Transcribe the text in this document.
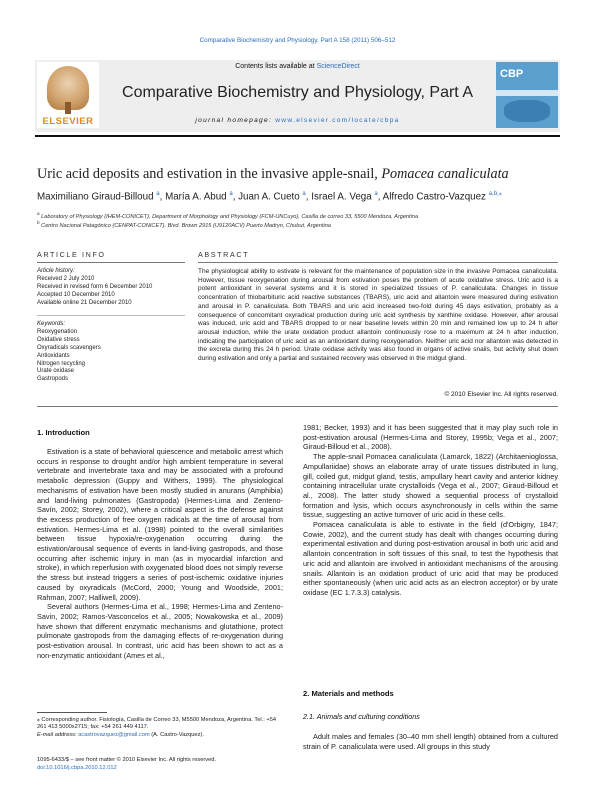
Comparative Biochemistry and Physiology, Part A 158 (2011) 506–512
ELSEVIER
Contents lists available at ScienceDirect
Comparative Biochemistry and Physiology, Part A
journal homepage: www.elsevier.com/locate/cbpa
CBP
Uric acid deposits and estivation in the invasive apple-snail, Pomacea canaliculata
Maximiliano Giraud-Billoud $^a$, María A. Abud $^a$, Juan A. Cueto $^a$, Israel A. Vega $^a$, Alfredo Castro-Vazquez $^{a,b,⁎}$
$^a$ Laboratory of Physiology (IHEM-CONICET), Department of Morphology and Physiology (FCM-UNCuyo), Casilla de correo 33, 5500 Mendoza, Argentina
$^b$ Centro Nacional Patagónico (CENPAT-CONICET). Blvd. Brown 2915 (U9120ACV) Puerto Madryn, Chubut, Argentina
ARTICLE INFO
Article history:
Received 2 July 2010
Received in revised form 6 December 2010
Accepted 10 December 2010
Available online 21 December 2010
Keywords:
Reoxygenation
Oxidative stress
Oxyradicals scavengers
Antioxidants
Nitrogen recycling
Urate oxidase
Gastropods
ABSTRACT
The physiological ability to estivate is relevant for the maintenance of population size in the invasive Pomacea canaliculata. However, tissue reoxygenation during arousal from estivation poses the problem of acute oxidative stress. Uric acid is a potent antioxidant in several systems and it is stored in specialized tissues of P. canaliculata. Changes in tissue concentration of thiobarbituric acid reactive substances (TBARS), uric acid and allantoin were measured during estivation and arousal in P. canaliculata. Both TBARS and uric acid increased two-fold during 45 days estivation, probably as a consequence of concomitant oxyradical production during uric acid synthesis by xanthine oxidase. However, after arousal was induced, uric acid and TBARS dropped to or near baseline levels within 20 min and remained low up to 24 h after arousal induction, while the urate oxidation product allantoin continuously rose to a maximum at 24 h after induction, indicating the participation of uric acid as an antioxidant during reoxygenation. Neither uric acid nor allantoin was detected in the excreta during this 24 h period. Urate oxidase activity was also found in organs of active snails, but activity shut down during estivation and only a partial and sustained recovery was observed in the midgut gland.
© 2010 Elsevier Inc. All rights reserved.
1. Introduction

Estivation is a state of behavioral quiescence and metabolic arrest which occurs in response to drought and/or high ambient temperature in several vertebrate and invertebrate taxa and may be associated with a profound metabolic depression (Guppy and Withers, 1999). The physiological mechanisms of estivation have been mostly studied in anurans (Amphibia) and land-living pulmonates (Gastropoda) (Hermes-Lima and Zenteno-Savín, 2002; Storey, 2002), where a critical aspect is the defense against the excess production of free oxygen radicals at the time of arousal from estivation. Hermes-Lima et al. (1998) pointed to the overall similarities between tissue hypoxia/re-oxygenation occurring during the estivation/arousal sequence of events in land-living gastropods, and those occurring after ischemic injury in man (as in myocardial infarction and stroke), in which reperfusion with oxygenated blood does not simply reverse the stress but instead triggers a series of post-ischemic oxidative injuries caused by oxyradicals (McCord, 2000; Young and Woodside, 2001; Rahman, 2007; Halliwell, 2009).

Several authors (Hermes-Lima et al., 1998; Hermes-Lima and Zenteno-Savin, 2002; Ramos-Vasconcelos et al., 2005; Nowakowska et al., 2009) have shown that different enzymatic mechanisms and glutathione, protect pulmonate gastropods from the damaging effects of re-oxygenation during post-estivation arousal. In contrast, uric acid has been shown to act as a non-enzymatic antioxidant (Ames et al.,

⁎ Corresponding author. Fisiología, Casilla de Correo 33, M5500 Mendoza, Argentina. Tel.: +54 261 413 5000x2715; fax: +54 261 449 4117.
E-mail address: acastrovazquez@gmail.com (A. Castro-Vazquez).
1095-6433/$ – see front matter © 2010 Elsevier Inc. All rights reserved.
doi:10.1016/j.cbpa.2010.12.012

1981; Becker, 1993) and it has been suggested that it may play such role in post-estivation arousal (Hermes-Lima and Storey, 1995b; Vega et al., 2007; Giraud-Billoud et al., 2008).

The apple-snail Pomacea canaliculata (Lamarck, 1822) (Architaenioglossa, Ampullariidae) shows an elaborate array of urate tissues distributed in lung, gill, coiled gut, midgut gland, testis, ampullary heart cavity and anterior kidney containing intracellular urate crystalloids (Vega et al., 2007; Giraud-Billoud et al., 2008). The latter study showed a sequential process of crystalloid formation and lysis, which occurs asynchronously in cells within the same tissue, suggesting an active turnover of uric acid in these cells.

Pomacea canaliculata is able to estivate in the field (d'Orbigny, 1847; Cowie, 2002), and the current study has dealt with changes occurring during experimental estivation and during post-estivation arousal in both uric acid and allantoin concentration in soft tissues of this snail, to test the hypothesis that uric acid and allantoin are involved in antioxidant mechanisms of the arousing snails. Allantoin is an oxidation product of uric acid that may be produced either spontaneously (when uric acid acts as an electron acceptor) or by urate oxidase (EC 1.7.3.3) catalysis.

2. Materials and methods
2.1. Animals and culturing conditions

Adult males and females (30–40 mm shell length) obtained from a cultured strain of P. canaliculata were used. All groups in this study
